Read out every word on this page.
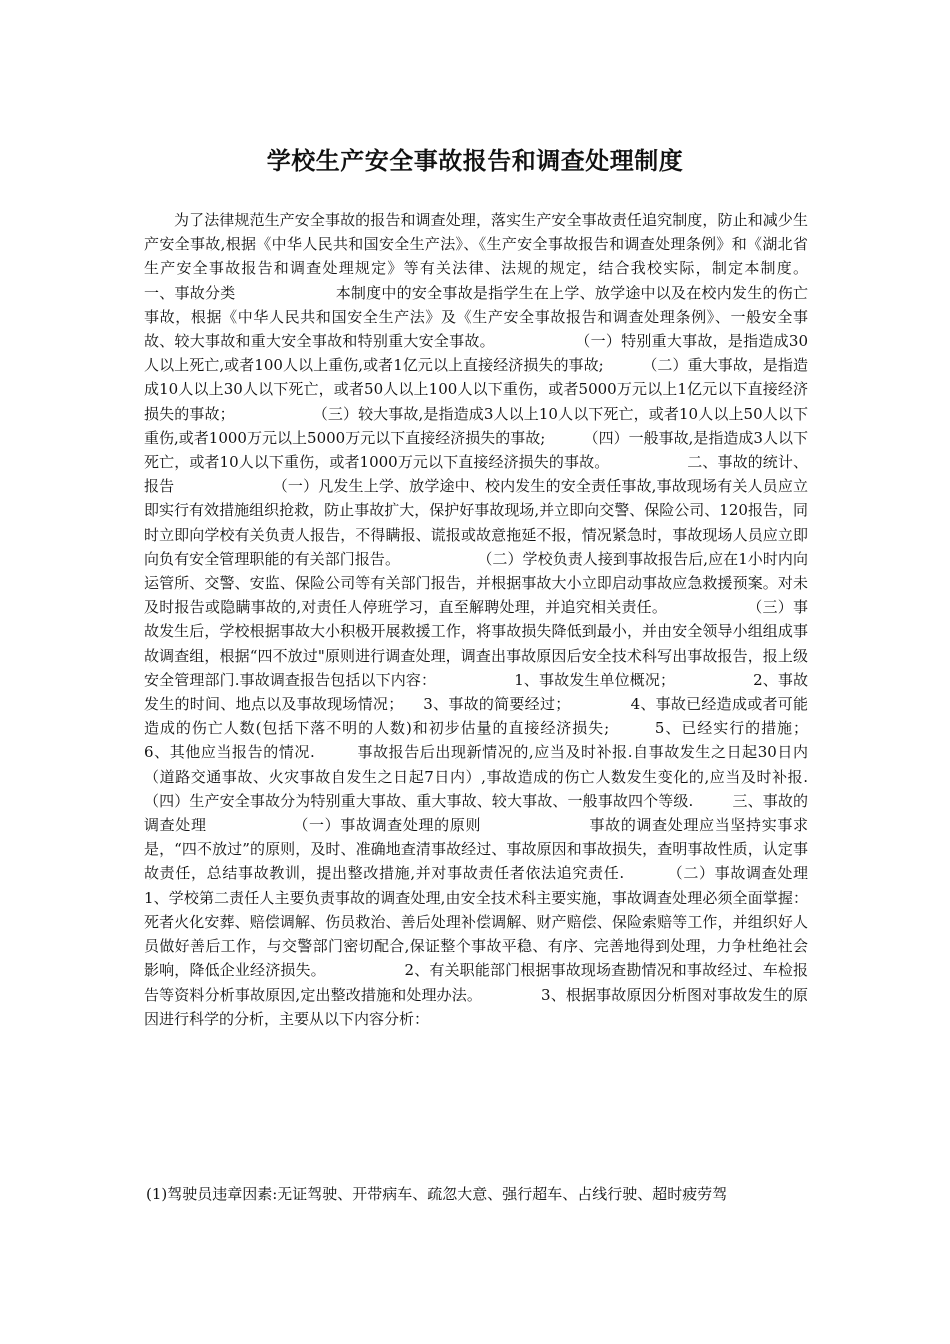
学校生产安全事故报告和调查处理制度

为了法律规范生产安全事故的报告和调查处理，落实生产安全事故责任追究制度，防止和减少生产安全事故,根据《中华人民共和国安全生产法》、《生产安全事故报告和调查处理条例》和《湖北省生产安全事故报告和调查处理规定》等有关法律、法规的规定，结合我校实际，制定本制度。                一、事故分类                    本制度中的安全事故是指学生在上学、放学途中以及在校内发生的伤亡事故，根据《中华人民共和国安全生产法》及《生产安全事故报告和调查处理条例》、一般安全事故、较大事故和重大安全事故和特别重大安全事故。                （一）特别重大事故，是指造成30人以上死亡,或者100人以上重伤,或者1亿元以上直接经济损失的事故;        （二）重大事故，是指造成10人以上30人以下死亡，或者50人以上100人以下重伤，或者5000万元以上1亿元以下直接经济损失的事故；                （三）较大事故,是指造成3人以上10人以下死亡，或者10人以上50人以下重伤,或者1000万元以上5000万元以下直接经济损失的事故;        （四）一般事故,是指造成3人以下死亡，或者10人以下重伤，或者1000万元以下直接经济损失的事故。                二、事故的统计、报告                    （一）凡发生上学、放学途中、校内发生的安全责任事故,事故现场有关人员应立即实行有效措施组织抢救，防止事故扩大，保护好事故现场,并立即向交警、保险公司、120报告，同时立即向学校有关负责人报告，不得瞒报、谎报或故意拖延不报，情况紧急时，事故现场人员应立即向负有安全管理职能的有关部门报告。                （二）学校负责人接到事故报告后,应在1小时内向运管所、交警、安监、保险公司等有关部门报告，并根据事故大小立即启动事故应急救援预案。对未及时报告或隐瞒事故的,对责任人停班学习，直至解聘处理，并追究相关责任。                （三）事故发生后，学校根据事故大小积极开展救援工作，将事故损失降低到最小，并由安全领导小组组成事故调查组，根据“四不放过"原则进行调查处理，调查出事故原因后安全技术科写出事故报告，报上级安全管理部门.事故调查报告包括以下内容：                1、事故发生单位概况；                2、事故发生的时间、地点以及事故现场情况；    3、事故的简要经过；            4、事故已经造成或者可能造成的伤亡人数(包括下落不明的人数)和初步估量的直接经济损失;        5、已经实行的措施；            6、其他应当报告的情况.        事故报告后出现新情况的,应当及时补报.自事故发生之日起30日内（道路交通事故、火灾事故自发生之日起7日内）,事故造成的伤亡人数发生变化的,应当及时补报.        （四）生产安全事故分为特别重大事故、重大事故、较大事故、一般事故四个等级.        三、事故的调查处理                （一）事故调查处理的原则                    事故的调查处理应当坚持实事求是，“四不放过”的原则，及时、准确地查清事故经过、事故原因和事故损失，查明事故性质，认定事故责任，总结事故教训，提出整改措施,并对事故责任者依法追究责任.        （二）事故调查处理                1、学校第二责任人主要负责事故的调查处理,由安全技术科主要实施，事故调查处理必须全面掌握：死者火化安葬、赔偿调解、伤员救治、善后处理补偿调解、财产赔偿、保险索赔等工作，并组织好人员做好善后工作，与交警部门密切配合,保证整个事故平稳、有序、完善地得到处理，力争杜绝社会影响，降低企业经济损失。                2、有关职能部门根据事故现场查勘情况和事故经过、车检报告等资料分析事故原因,定出整改措施和处理办法。            3、根据事故原因分析图对事故发生的原因进行科学的分析，主要从以下内容分析：

(1)驾驶员违章因素:无证驾驶、开带病车、疏忽大意、强行超车、占线行驶、超时疲劳驾
